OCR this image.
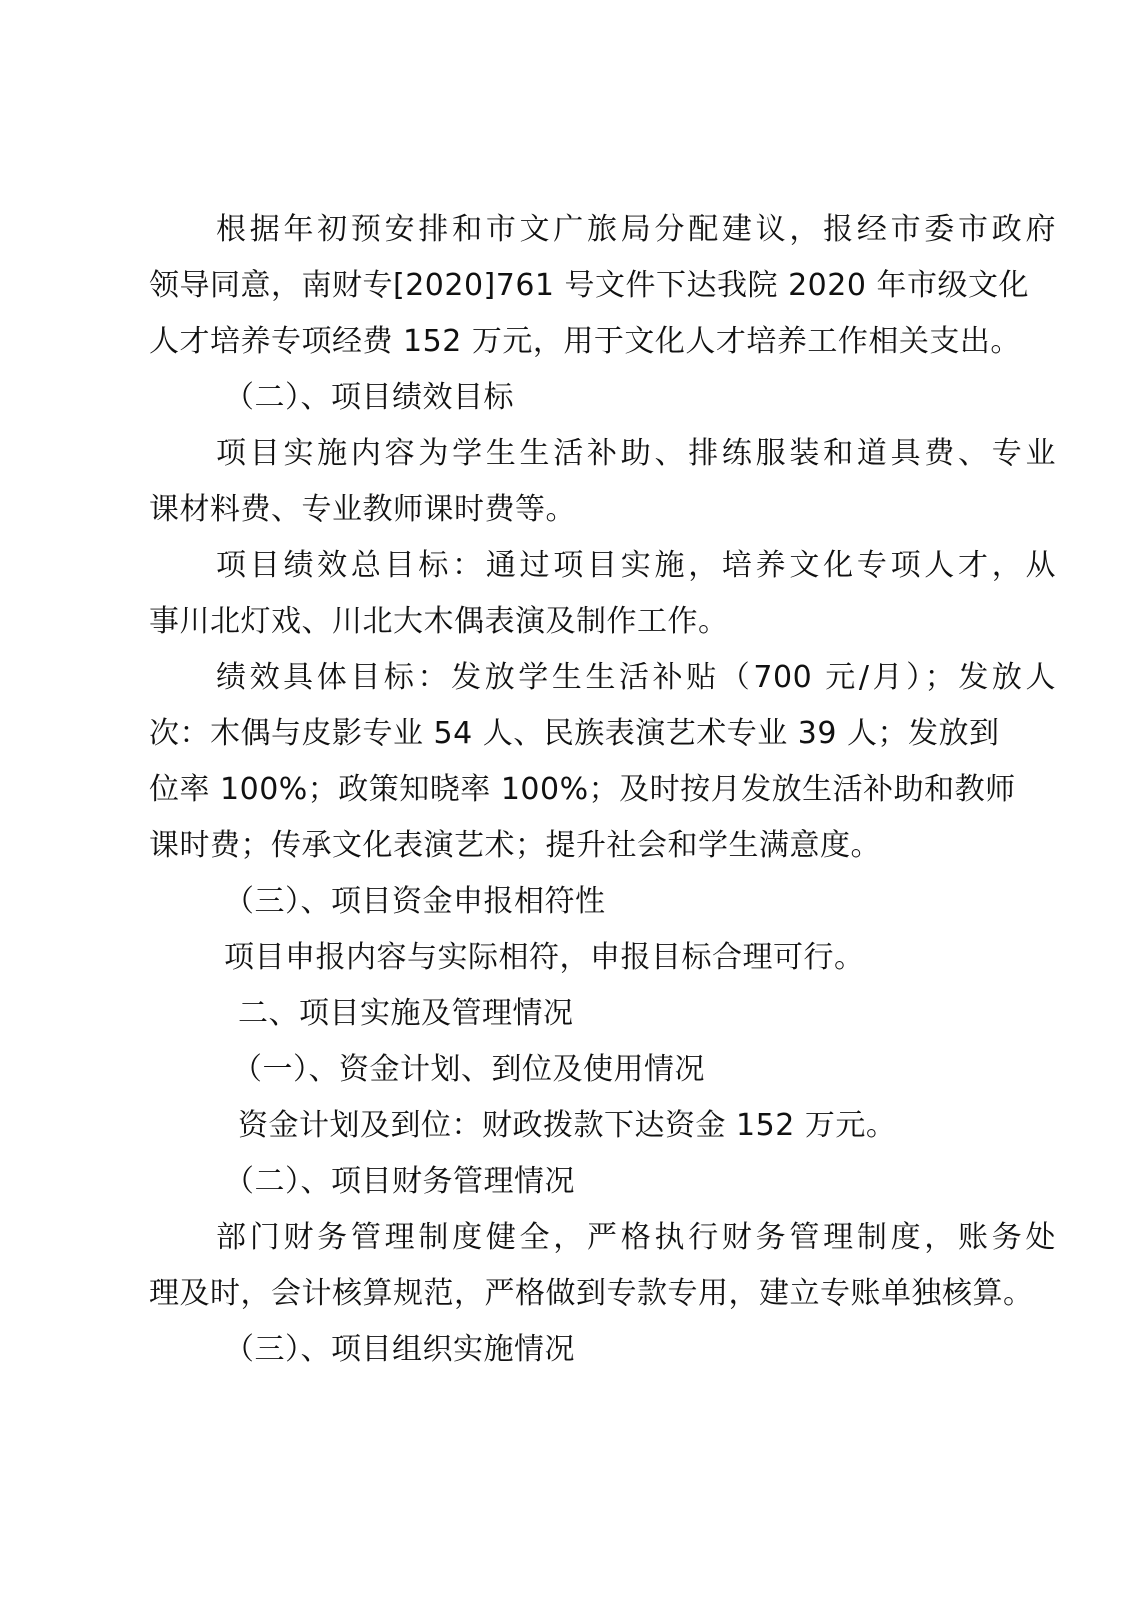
根据年初预安排和市文广旅局分配建议，报经市委市政府
领导同意，南财专[2020]761 号文件下达我院 2020 年市级文化
人才培养专项经费 152 万元，用于文化人才培养工作相关支出。
（二）、项目绩效目标
项目实施内容为学生生活补助、排练服装和道具费、专业
课材料费、专业教师课时费等。
项目绩效总目标：通过项目实施，培养文化专项人才，从
事川北灯戏、川北大木偶表演及制作工作。
绩效具体目标：发放学生生活补贴（700 元/月）；发放人
次：木偶与皮影专业 54 人、民族表演艺术专业 39 人；发放到
位率 100%；政策知晓率 100%；及时按月发放生活补助和教师
课时费；传承文化表演艺术；提升社会和学生满意度。
（三）、项目资金申报相符性
项目申报内容与实际相符，申报目标合理可行。
二、项目实施及管理情况
（一）、资金计划、到位及使用情况
资金计划及到位：财政拨款下达资金 152 万元。
（二）、项目财务管理情况
部门财务管理制度健全，严格执行财务管理制度，账务处
理及时，会计核算规范，严格做到专款专用，建立专账单独核算。
（三）、项目组织实施情况
